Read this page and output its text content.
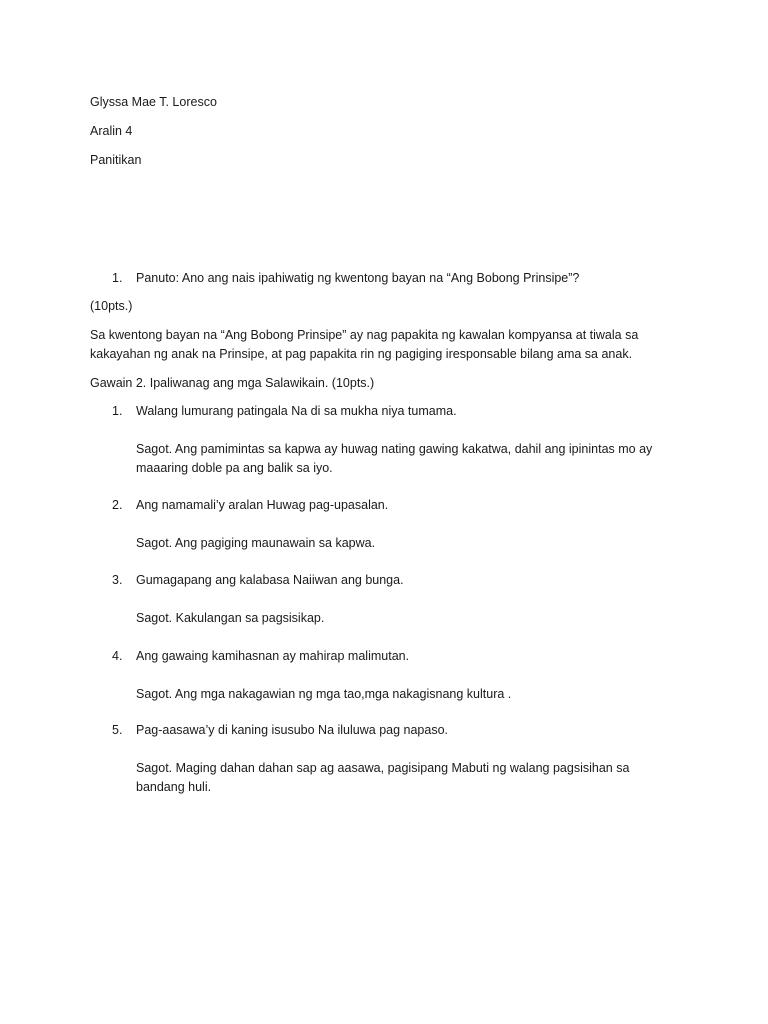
Glyssa Mae T. Loresco
Aralin 4
Panitikan
1. Panuto: Ano ang nais ipahiwatig ng kwentong bayan na “Ang Bobong Prinsipe”?
(10pts.)
Sa kwentong bayan na “Ang Bobong Prinsipe” ay nag papakita ng kawalan kompyansa at tiwala sa kakayahan ng anak na Prinsipe, at pag papakita rin ng pagiging iresponsable bilang ama sa anak.
Gawain 2. Ipaliwanag ang mga Salawikain. (10pts.)
1. Walang lumurang patingala Na di sa mukha niya tumama.
Sagot. Ang pamimintas sa kapwa ay huwag nating gawing kakatwa, dahil ang ipinintas mo ay maaaring doble pa ang balik sa iyo.
2. Ang namamali’y aralan Huwag pag-upasalan.
Sagot. Ang pagiging maunawain sa kapwa.
3. Gumagapang ang kalabasa Naiiwan ang bunga.
Sagot. Kakulangan sa pagsisikap.
4. Ang gawaing kamihasnan ay mahirap malimutan.
Sagot. Ang mga nakagawian ng mga tao,mga nakagisnang kultura .
5. Pag-aasawa’y di kaning isusubo Na iluluwa pag napaso.
Sagot. Maging dahan dahan sap ag aasawa, pagisipang Mabuti ng walang pagsisihan sa bandang huli.
